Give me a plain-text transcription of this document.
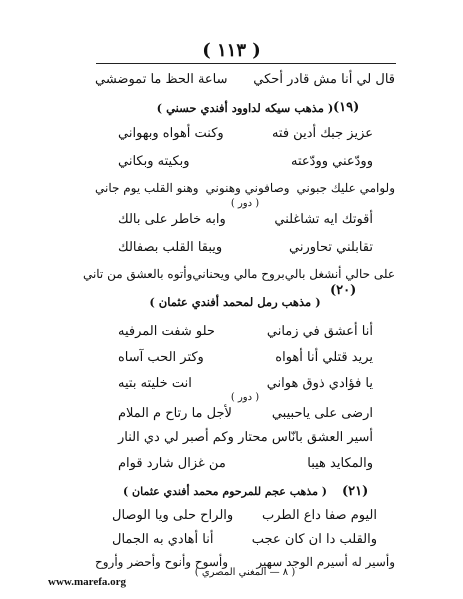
( ١١٣ )
قال لي أنا مش قادر أحكي
ساعة الحظ ما تموضشي
( مذهب سيكه لداوود أفندي حسني ) (١٩)
عزيز جبك أدين فته
وكنت أهواه وبهواني
وودّعني وودّعته
وبكيته وبكاني
ولوامي عليك جبوني
وصافوني وهنوني
وهنو القلب يوم جاني
( دور )
أقوتك ايه تشاغلني
وابه خاطر على بالك
تقابلني تحاورني
ويبقا القلب بصفالك
على حالي أنشغل بالي
بروح مالي ويحناني
وأتوه بالعشق من تاني
( مذهب رمل لمحمد أفندي عثمان )
(٢٠)
أنا أعشق في زماني
حلو شفت المرفيه
يريد قتلي أنا أهواه
وكتر الحب آساه
يا فؤادي ذوق هواني
انت خليته بتيه
( دور )
ارضى على ياحبيبي
لأجل ما رتاح م الملام
أسير العشق بانّاس محتار
وكم أصبر لي دي النار
والمكايد هيبا
من غزال شارد قوام
( مذهب عجم للمرحوم محمد أفندي عثمان )	(٢١)
اليوم صفا داع الطرب
والراح حلى ويا الوصال
والقلب دا ان كان عجب
أنا أهادي به الجمال
وأسير له أسيرم الوجد سهير
وأسوح وأنوح وأحضر وأروح
( ٨ — المغني المصري )
www.marefa.org
